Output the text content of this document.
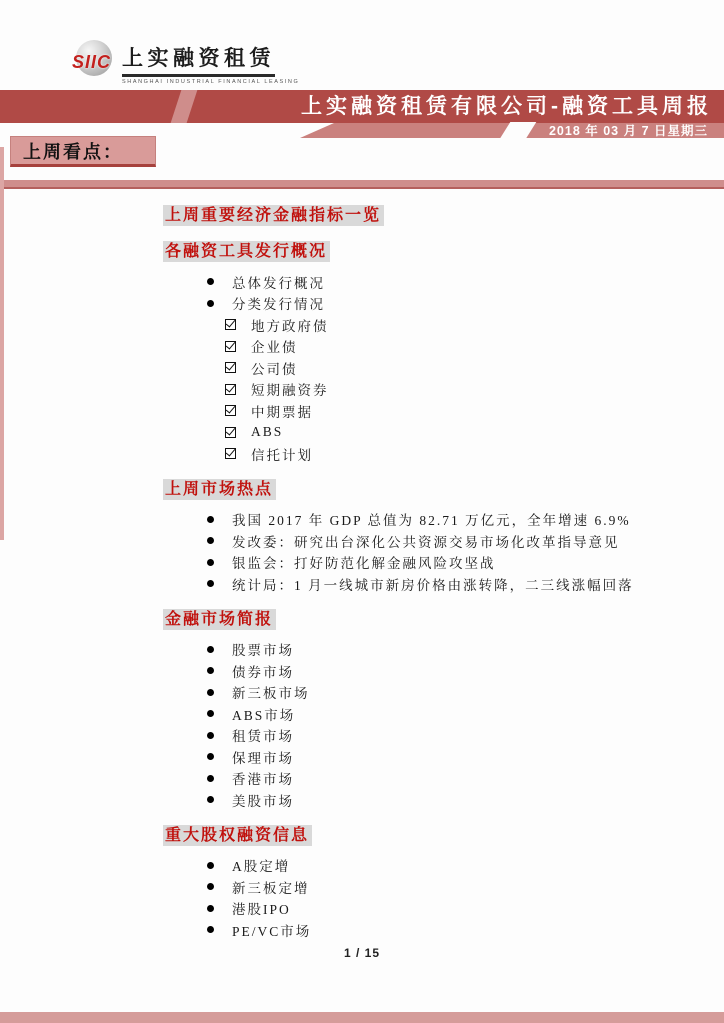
SIIC 上实融资租赁
SHANGHAI INDUSTRIAL FINANCIAL LEASING
上实融资租赁有限公司-融资工具周报
2018 年 03 月 7 日星期三
上周看点：
上周重要经济金融指标一览
各融资工具发行概况
总体发行概况
分类发行情况
地方政府债
企业债
公司债
短期融资券
中期票据
ABS
信托计划
上周市场热点
我国 2017 年 GDP 总值为 82.71 万亿元，全年增速 6.9%
发改委：研究出台深化公共资源交易市场化改革指导意见
银监会：打好防范化解金融风险攻坚战
统计局：1 月一线城市新房价格由涨转降，二三线涨幅回落
金融市场简报
股票市场
债券市场
新三板市场
ABS市场
租赁市场
保理市场
香港市场
美股市场
重大股权融资信息
A股定增
新三板定增
港股IPO
PE/VC市场
1 / 15
